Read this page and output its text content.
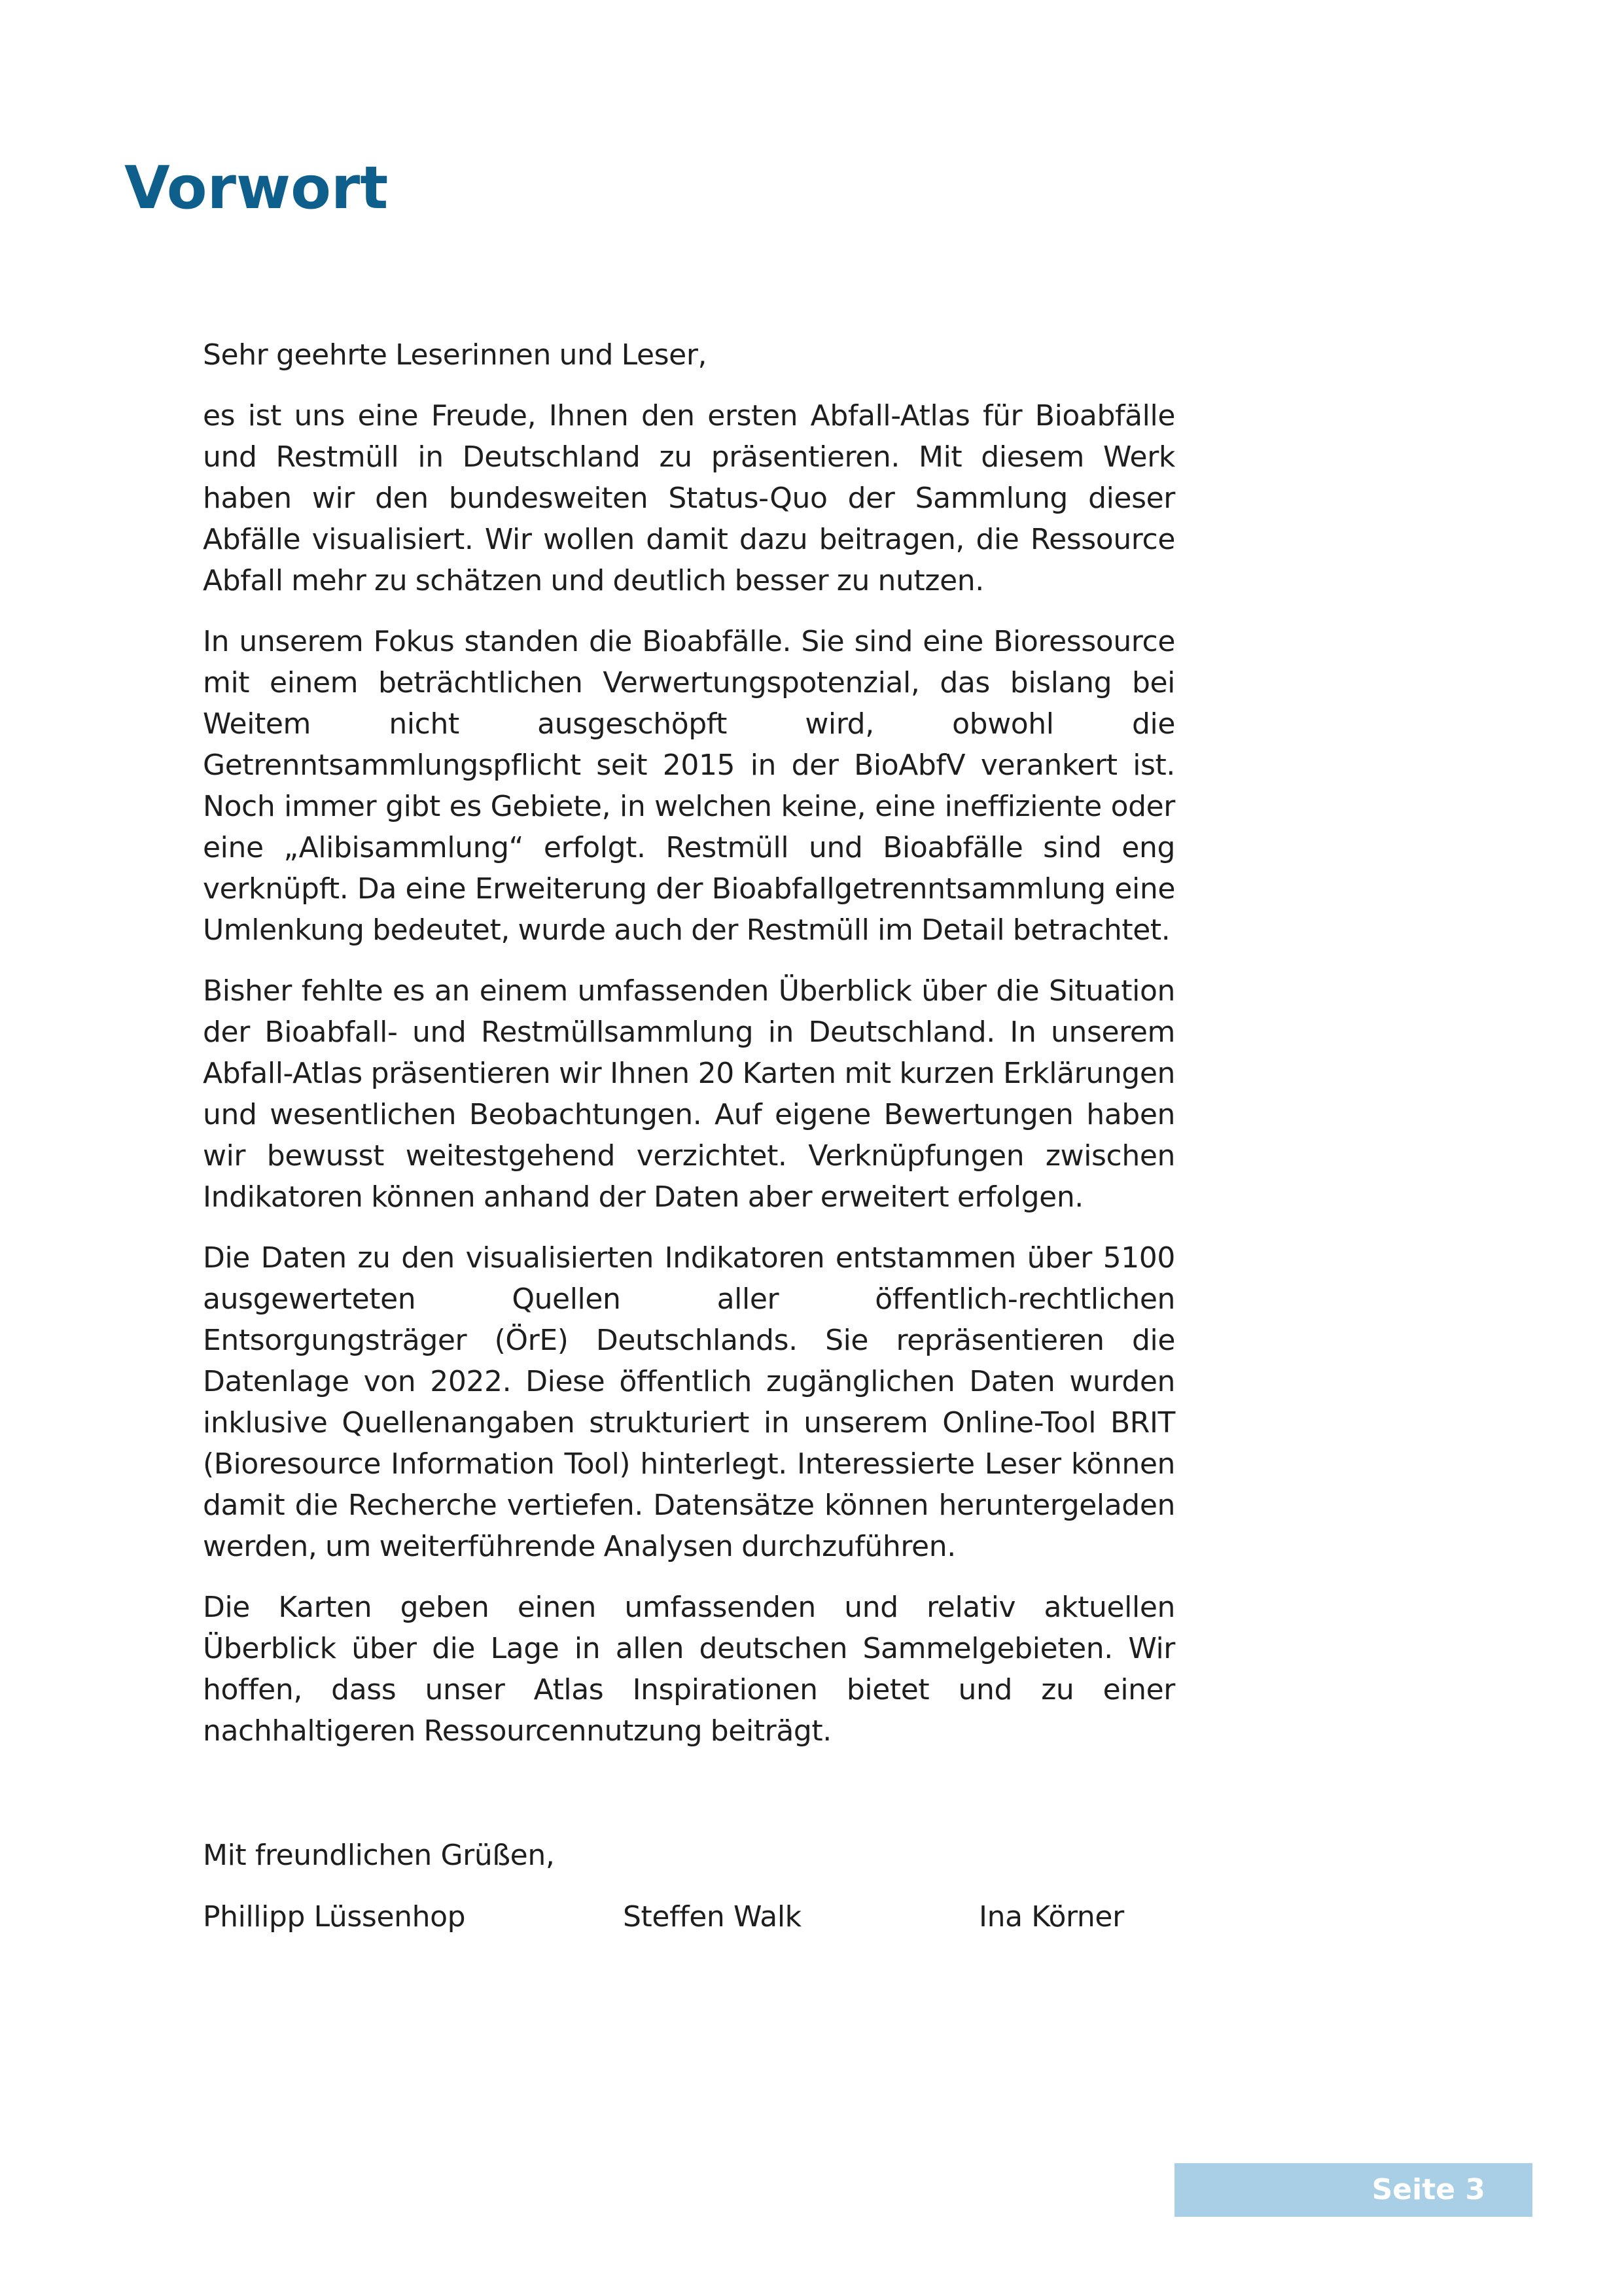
Vorwort

Sehr geehrte Leserinnen und Leser,

es ist uns eine Freude, Ihnen den ersten Abfall-Atlas für Bioabfälle und Restmüll in Deutschland zu präsentieren. Mit diesem Werk haben wir den bundesweiten Status-Quo der Sammlung dieser Abfälle visualisiert. Wir wollen damit dazu beitragen, die Ressource Abfall mehr zu schätzen und deutlich besser zu nutzen.

In unserem Fokus standen die Bioabfälle. Sie sind eine Bioressource mit einem beträchtlichen Verwertungspotenzial, das bislang bei Weitem nicht ausgeschöpft wird, obwohl die Getrenntsammlungspflicht seit 2015 in der BioAbfV verankert ist. Noch immer gibt es Gebiete, in welchen keine, eine ineffiziente oder eine „Alibisammlung“ erfolgt. Restmüll und Bioabfälle sind eng verknüpft. Da eine Erweiterung der Bioabfallgetrenntsammlung eine Umlenkung bedeutet, wurde auch der Restmüll im Detail betrachtet.

Bisher fehlte es an einem umfassenden Überblick über die Situation der Bioabfall- und Restmüllsammlung in Deutschland. In unserem Abfall-Atlas präsentieren wir Ihnen 20 Karten mit kurzen Erklärungen und wesentlichen Beobachtungen. Auf eigene Bewertungen haben wir bewusst weitestgehend verzichtet. Verknüpfungen zwischen Indikatoren können anhand der Daten aber erweitert erfolgen.

Die Daten zu den visualisierten Indikatoren entstammen über 5100 ausgewerteten Quellen aller öffentlich-rechtlichen Entsorgungsträger (ÖrE) Deutschlands. Sie repräsentieren die Datenlage von 2022. Diese öffentlich zugänglichen Daten wurden inklusive Quellenangaben strukturiert in unserem Online-Tool BRIT (Bioresource Information Tool) hinterlegt. Interessierte Leser können damit die Recherche vertiefen. Datensätze können heruntergeladen werden, um weiterführende Analysen durchzuführen.

Die Karten geben einen umfassenden und relativ aktuellen Überblick über die Lage in allen deutschen Sammelgebieten. Wir hoffen, dass unser Atlas Inspirationen bietet und zu einer nachhaltigeren Ressourcennutzung beiträgt.

Mit freundlichen Grüßen,

Phillipp Lüssenhop	Steffen Walk	Ina Körner
Seite 3
